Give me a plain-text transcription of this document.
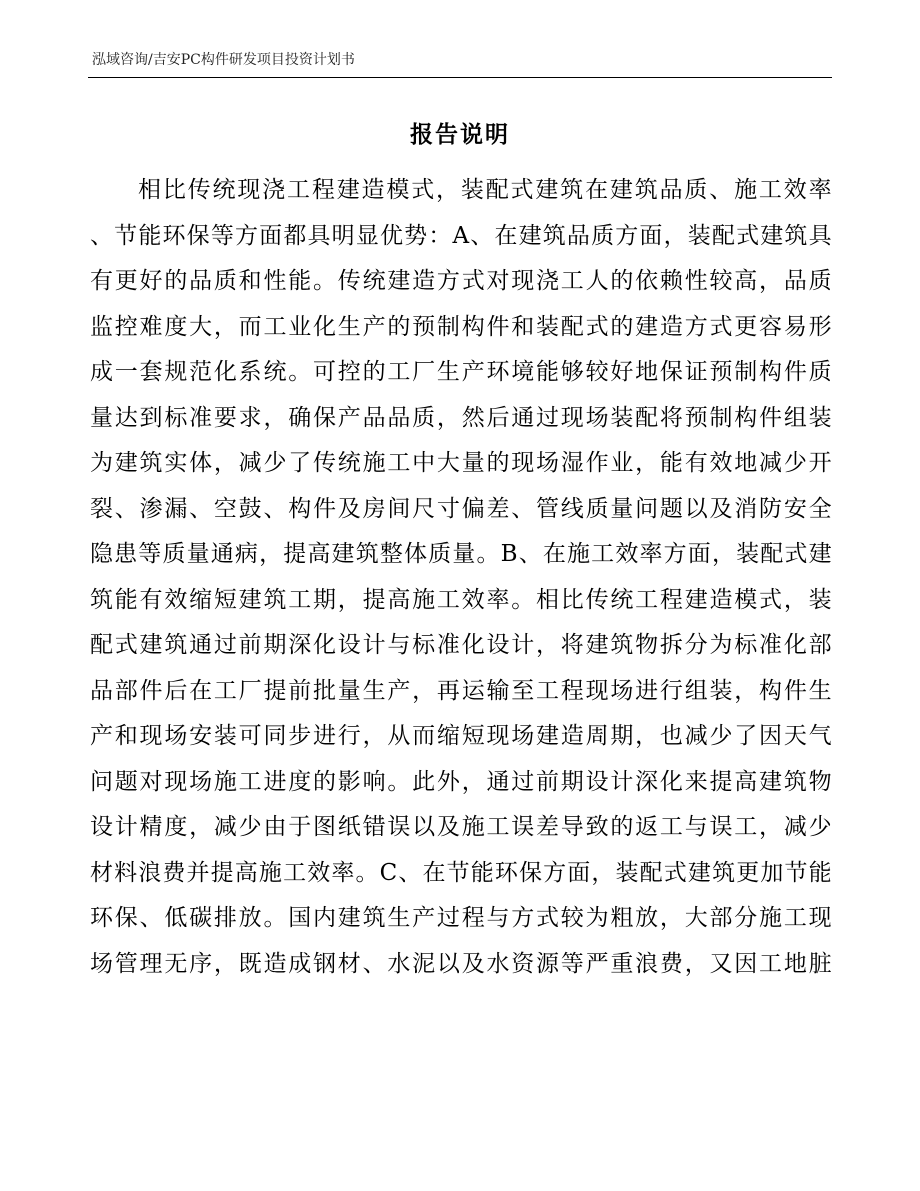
泓域咨询/吉安PC构件研发项目投资计划书
报告说明
相比传统现浇工程建造模式，装配式建筑在建筑品质、施工效率
、节能环保等方面都具明显优势：A、在建筑品质方面，装配式建筑具
有更好的品质和性能。传统建造方式对现浇工人的依赖性较高，品质
监控难度大，而工业化生产的预制构件和装配式的建造方式更容易形
成一套规范化系统。可控的工厂生产环境能够较好地保证预制构件质
量达到标准要求，确保产品品质，然后通过现场装配将预制构件组装
为建筑实体，减少了传统施工中大量的现场湿作业，能有效地减少开
裂、渗漏、空鼓、构件及房间尺寸偏差、管线质量问题以及消防安全
隐患等质量通病，提高建筑整体质量。B、在施工效率方面，装配式建
筑能有效缩短建筑工期，提高施工效率。相比传统工程建造模式，装
配式建筑通过前期深化设计与标准化设计，将建筑物拆分为标准化部
品部件后在工厂提前批量生产，再运输至工程现场进行组装，构件生
产和现场安装可同步进行，从而缩短现场建造周期，也减少了因天气
问题对现场施工进度的影响。此外，通过前期设计深化来提高建筑物
设计精度，减少由于图纸错误以及施工误差导致的返工与误工，减少
材料浪费并提高施工效率。C、在节能环保方面，装配式建筑更加节能
环保、低碳排放。国内建筑生产过程与方式较为粗放，大部分施工现
场管理无序，既造成钢材、水泥以及水资源等严重浪费，又因工地脏
